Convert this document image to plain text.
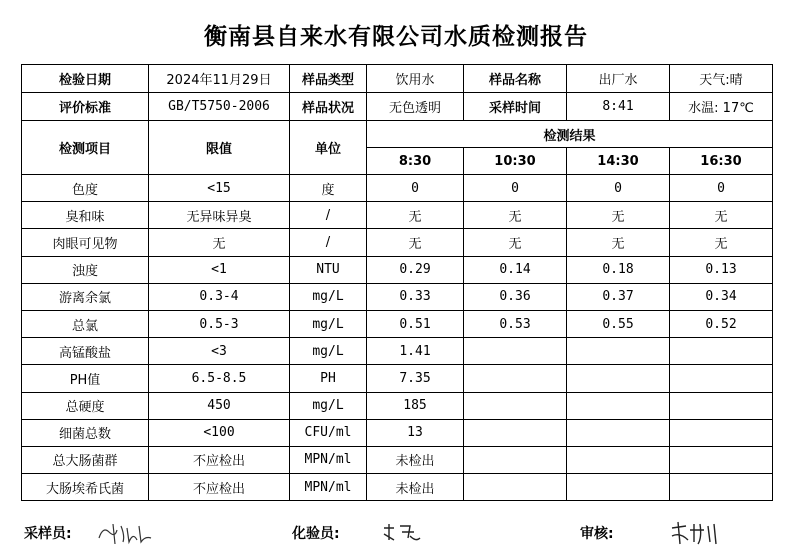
衡南县自来水有限公司水质检测报告
检验日期	2024年11月29日	样品类型	饮用水	样品名称	出厂水	天气:晴
评价标准	GB/T5750-2006	样品状况	无色透明	采样时间	8:41	水温: 17℃
检测项目	限值	单位	检测结果			
			8:30	10:30	14:30	16:30
色度	<15	度	0	0	0	0
臭和味	无异味异臭	/	无	无	无	无
肉眼可见物	无	/	无	无	无	无
浊度	<1	NTU	0.29	0.14	0.18	0.13
游离余氯	0.3-4	mg/L	0.33	0.36	0.37	0.34
总氯	0.5-3	mg/L	0.51	0.53	0.55	0.52
高锰酸盐	<3	mg/L	1.41			
PH值	6.5-8.5	PH	7.35			
总硬度	450	mg/L	185			
细菌总数	<100	CFU/ml	13			
总大肠菌群	不应检出	MPN/ml	未检出			
大肠埃希氏菌	不应检出	MPN/ml	未检出			
采样员:	化验员:	审核:
